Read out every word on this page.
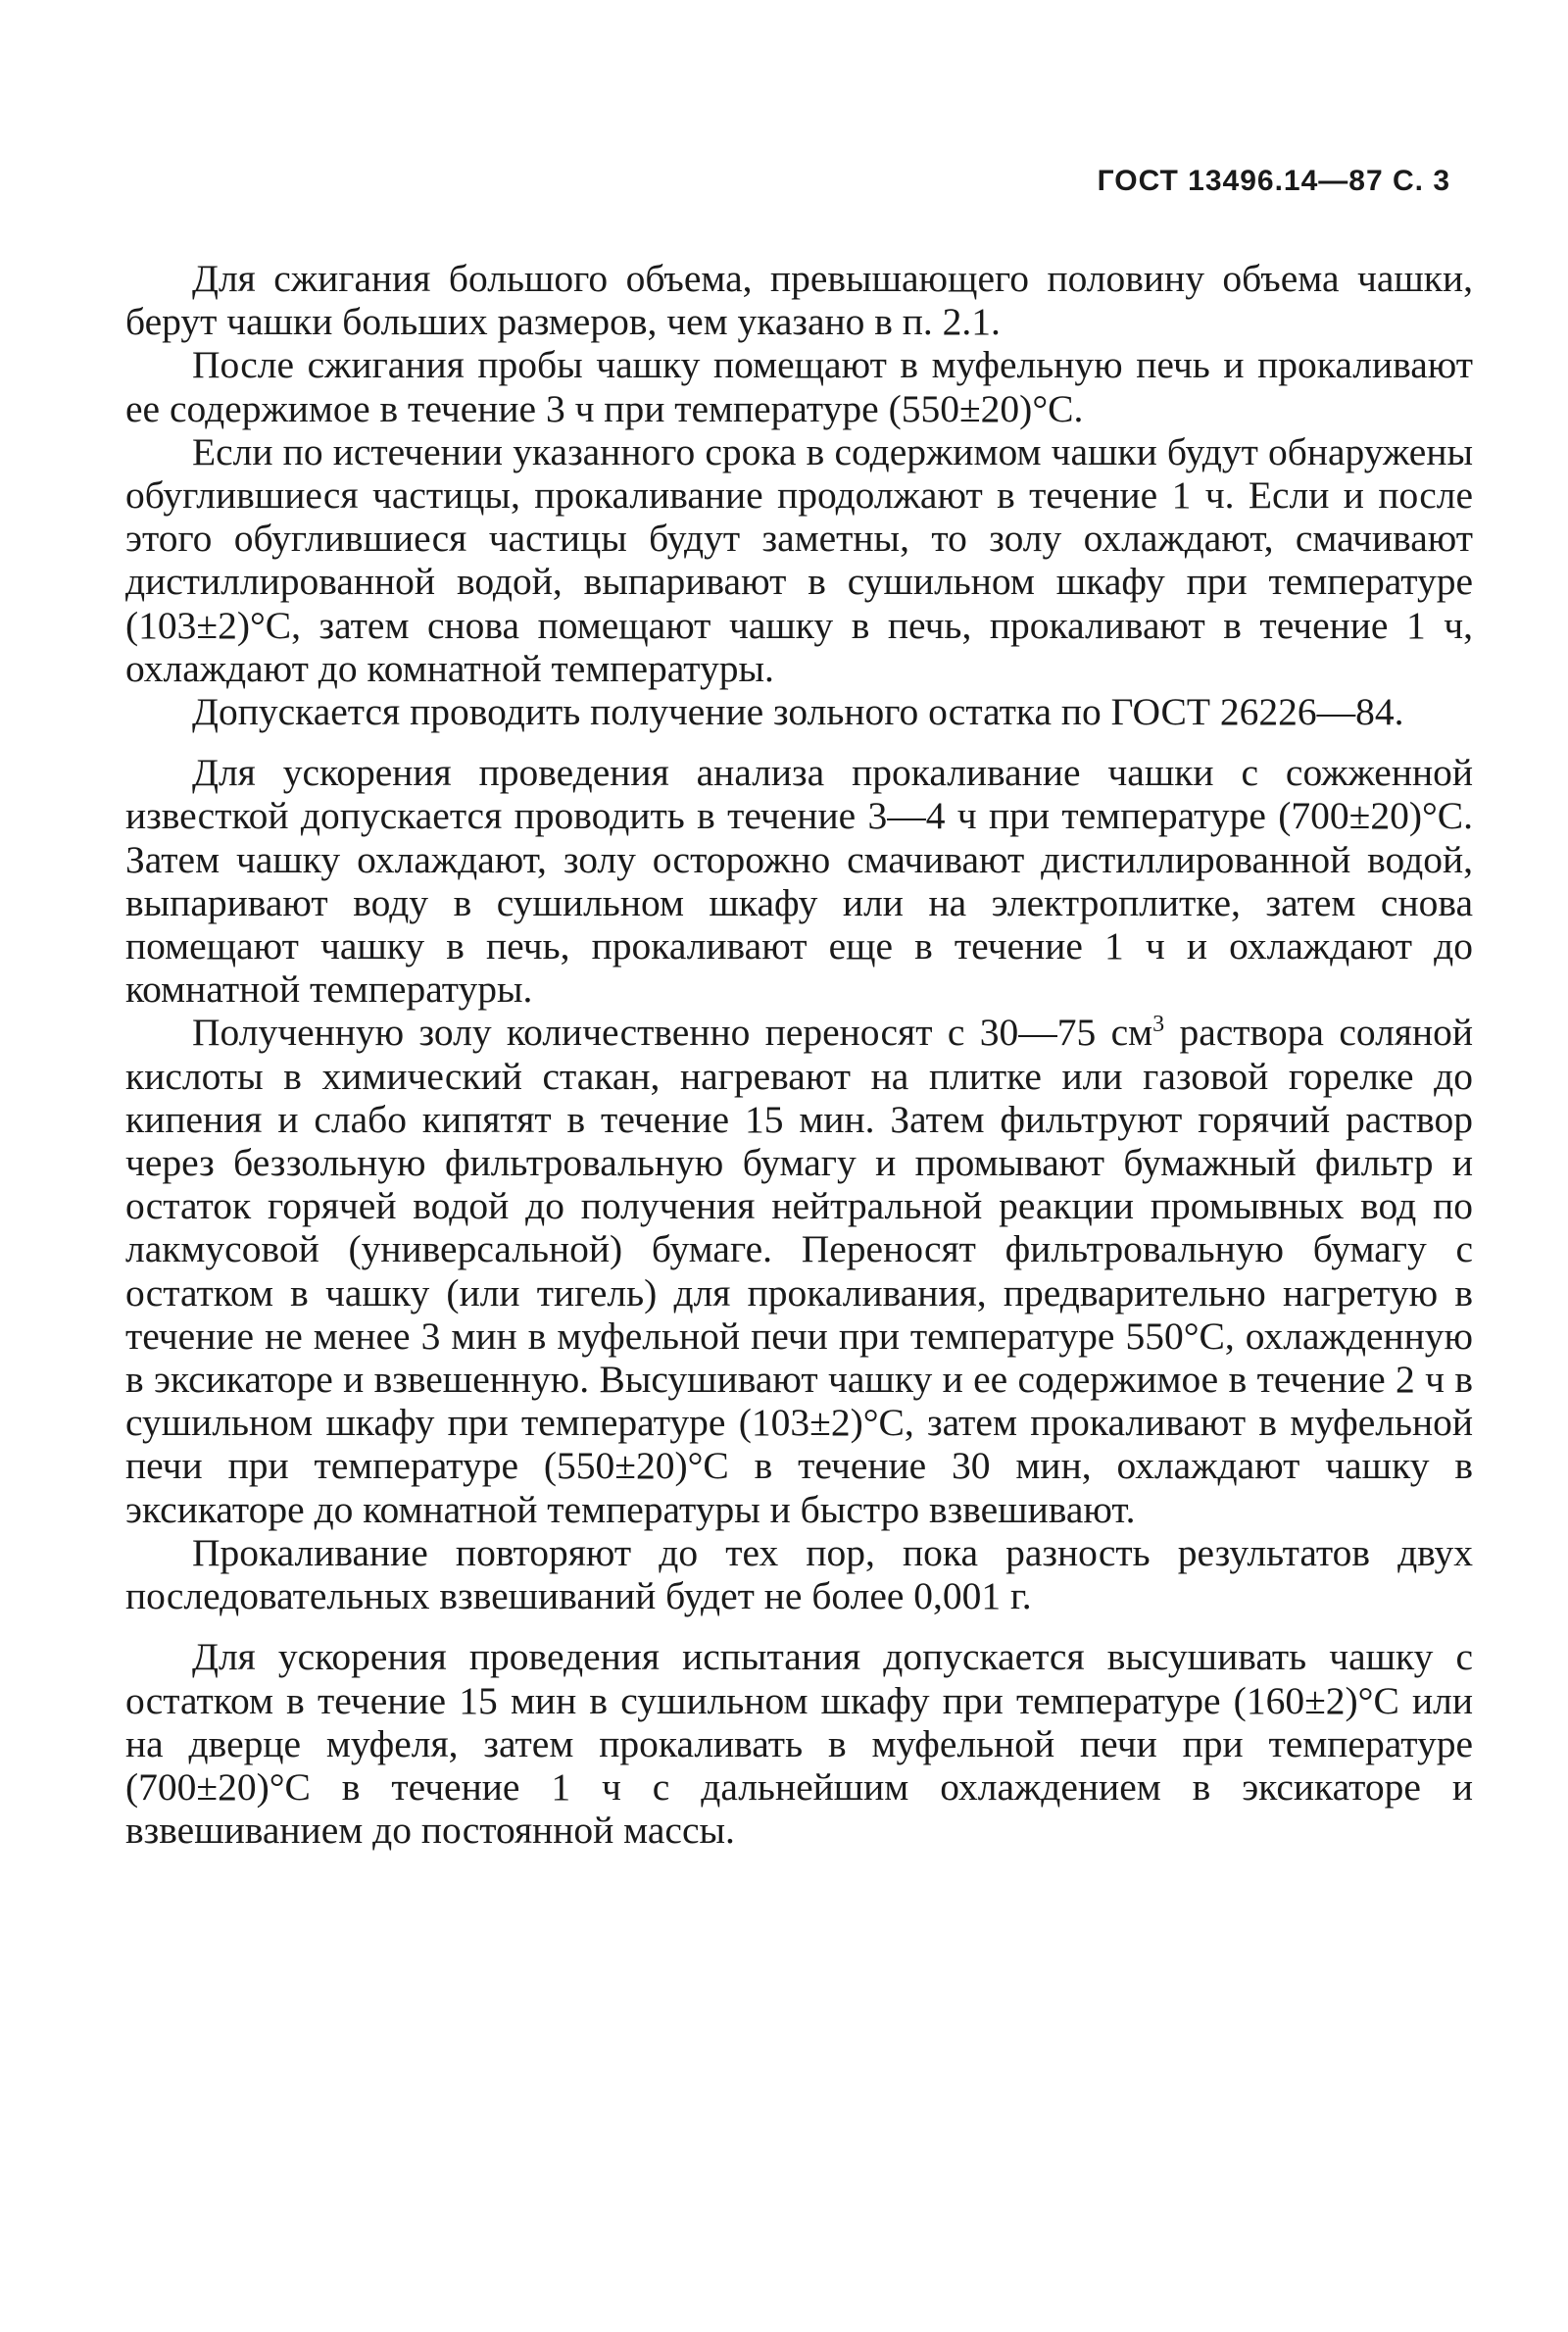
ГОСТ 13496.14—87 С. 3

Для сжигания большого объема, превышающего половину объема чашки, берут чашки больших размеров, чем указано в п. 2.1.

После сжигания пробы чашку помещают в муфельную печь и прокаливают ее содержимое в течение 3 ч при температуре (550±20)°С.

Если по истечении указанного срока в содержимом чашки будут обнаружены обуглившиеся частицы, прокаливание продолжают в течение 1 ч. Если и после этого обуглившиеся частицы будут заметны, то золу охлаждают, смачивают дистиллированной водой, выпаривают в сушильном шкафу при температуре (103±2)°С, затем снова помещают чашку в печь, прокаливают в течение 1 ч, охлаждают до комнатной температуры.

Допускается проводить получение зольного остатка по ГОСТ 26226—84.

Для ускорения проведения анализа прокаливание чашки с сожженной известкой допускается проводить в течение 3—4 ч при температуре (700±20)°С. Затем чашку охлаждают, золу осторожно смачивают дистиллированной водой, выпаривают воду в сушильном шкафу или на электроплитке, затем снова помещают чашку в печь, прокаливают еще в течение 1 ч и охлаждают до комнатной температуры.

Полученную золу количественно переносят с 30—75 $см^3$ раствора соляной кислоты в химический стакан, нагревают на плитке или газовой горелке до кипения и слабо кипятят в течение 15 мин. Затем фильтруют горячий раствор через беззольную фильтровальную бумагу и промывают бумажный фильтр и остаток горячей водой до получения нейтральной реакции промывных вод по лакмусовой (универсальной) бумаге. Переносят фильтровальную бумагу с остатком в чашку (или тигель) для прокаливания, предварительно нагретую в течение не менее 3 мин в муфельной печи при температуре 550°С, охлажденную в эксикаторе и взвешенную. Высушивают чашку и ее содержимое в течение 2 ч в сушильном шкафу при температуре (103±2)°С, затем прокаливают в муфельной печи при температуре (550±20)°С в течение 30 мин, охлаждают чашку в эксикаторе до комнатной температуры и быстро взвешивают.

Прокаливание повторяют до тех пор, пока разность результатов двух последовательных взвешиваний будет не более 0,001 г.

Для ускорения проведения испытания допускается высушивать чашку с остатком в течение 15 мин в сушильном шкафу при температуре (160±2)°С или на дверце муфеля, затем прокаливать в муфельной печи при температуре (700±20)°С в течение 1 ч с дальнейшим охлаждением в эксикаторе и взвешиванием до постоянной массы.
